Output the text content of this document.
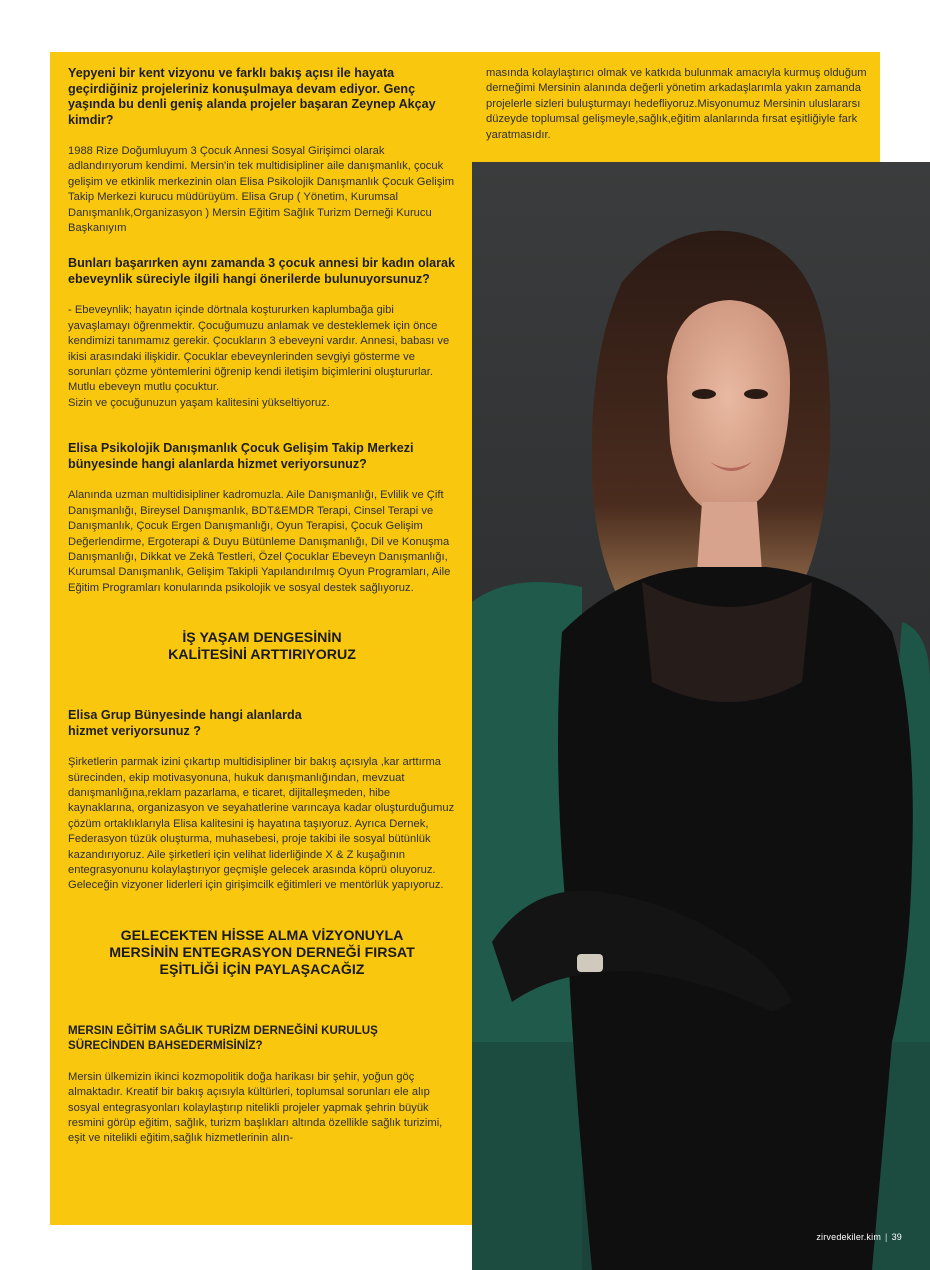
Yepyeni bir kent vizyonu ve farklı bakış açısı ile hayata geçirdiğiniz projeleriniz konuşulmaya devam ediyor. Genç yaşında bu denli geniş alanda projeler başaran Zeynep Akçay kimdir?
1988 Rize Doğumluyum 3 Çocuk Annesi Sosyal Girişimci olarak adlandırıyorum kendimi. Mersin'in tek multidisipliner aile danışmanlık, çocuk gelişim ve etkinlik merkezinin olan Elisa Psikolojik Danışmanlık Çocuk Gelişim Takip Merkezi kurucu müdürüyüm. Elisa Grup ( Yönetim, Kurumsal Danışmanlık,Organizasyon ) Mersin Eğitim Sağlık Turizm Derneği Kurucu Başkanıyım
Bunları başarırken aynı zamanda 3 çocuk annesi bir kadın olarak ebeveynlik süreciyle ilgili hangi önerilerde bulunuyorsunuz?
- Ebeveynlik; hayatın içinde dörtnala koştururken kaplumbağa gibi yavaşlamayı öğrenmektir. Çocuğumuzu anlamak ve desteklemek için önce kendimizi tanımamız gerekir. Çocukların 3 ebeveyni vardır. Annesi, babası ve ikisi arasındaki ilişkidir. Çocuklar ebeveynlerinden sevgiyi gösterme ve sorunları çözme yöntemlerini öğrenip kendi iletişim biçimlerini oluştururlar. Mutlu ebeveyn mutlu çocuktur.
Sizin ve çocuğunuzun yaşam kalitesini yükseltiyoruz.
Elisa Psikolojik Danışmanlık Çocuk Gelişim Takip Merkezi bünyesinde hangi alanlarda hizmet veriyorsunuz?
Alanında uzman multidisipliner kadromuzla. Aile Danışmanlığı, Evlilik ve Çift Danışmanlığı, Bireysel Danışmanlık, BDT&EMDR Terapi, Cinsel Terapi ve Danışmanlık, Çocuk Ergen Danışmanlığı, Oyun Terapisi, Çocuk Gelişim Değerlendirme, Ergoterapi & Duyu Bütünleme Danışmanlığı, Dil ve Konuşma Danışmanlığı, Dikkat ve Zekâ Testleri, Özel Çocuklar Ebeveyn Danışmanlığı, Kurumsal Danışmanlık, Gelişim Takipli Yapılandırılmış Oyun Programları, Aile Eğitim Programları konularında psikolojik ve sosyal destek sağlıyoruz.
İŞ YAŞAM DENGESİNİN
KALİTESİNİ ARTTIRIYORUZ
Elisa Grup Bünyesinde hangi alanlarda
hizmet veriyorsunuz ?
Şirketlerin parmak izini çıkartıp multidisipliner bir bakış açısıyla ,kar arttırma sürecinden, ekip motivasyonuna, hukuk danışmanlığından, mevzuat danışmanlığına,reklam pazarlama, e ticaret, dijitalleşmeden, hibe kaynaklarına, organizasyon ve seyahatlerine varıncaya kadar oluşturduğumuz çözüm ortaklıklarıyla Elisa kalitesini iş hayatına taşıyoruz. Ayrıca Dernek, Federasyon tüzük oluşturma, muhasebesi, proje takibi ile sosyal bütünlük kazandırıyoruz. Aile şirketleri için velihat liderliğinde X & Z kuşağının entegrasyonunu kolaylaştırıyor geçmişle gelecek arasında köprü oluyoruz. Geleceğin vizyoner liderleri için girişimcilk eğitimleri ve mentörlük yapıyoruz.
GELECEKTEN HİSSE ALMA VİZYONUYLA
MERSİNİN ENTEGRASYON DERNEĞİ FIRSAT
EŞİTLİĞİ İÇİN PAYLAŞACAĞIZ
MERSIN EĞİTİM SAĞLIK TURİZM DERNEĞİNİ KURULUŞ SÜRECİNDEN BAHSEDERMİSİNİZ?
Mersin ülkemizin ikinci kozmopolitik doğa harikası bir şehir, yoğun göç almaktadır. Kreatif bir bakış açısıyla kültürleri, toplumsal sorunları ele alıp sosyal entegrasyonları kolaylaştırıp nitelikli projeler yapmak şehrin büyük resmini görüp eğitim, sağlık, turizm başlıkları altında özellikle sağlık turizimi, eşit ve nitelikli eğitim,sağlık hizmetlerinin alın-
masında kolaylaştırıcı olmak ve katkıda bulunmak amacıyla kurmuş olduğum derneğimi Mersinin alanında değerli yönetim arkadaşlarımla yakın zamanda projelerle sizleri buluşturmayı hedefliyoruz.Misyonumuz Mersinin uluslararsı düzeyde toplumsal gelişmeyle,sağlık,eğitim alanlarında fırsat eşitliğiyle fark yaratmasıdır.
zirvedekiler.kim | 39
